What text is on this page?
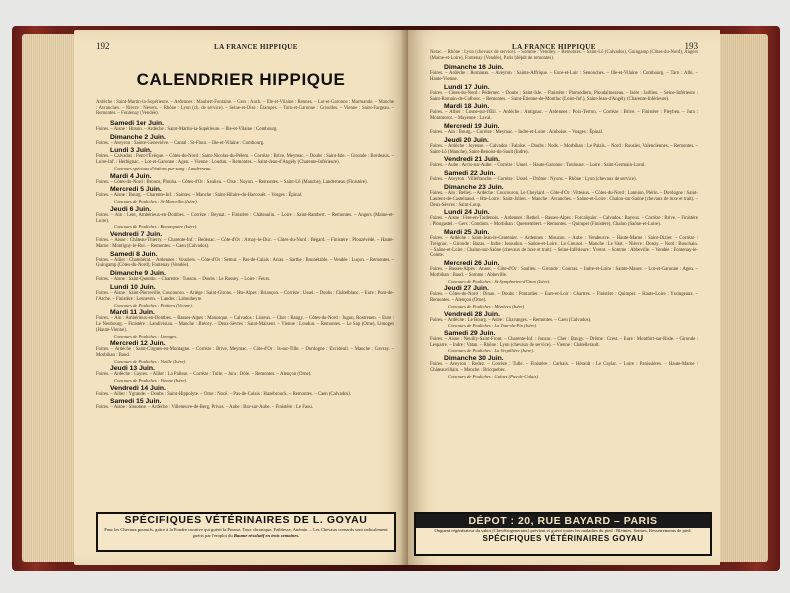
192	LA FRANCE HIPPIQUE
CALENDRIER HIPPIQUE
Ardèche : Saint-Martin-la-Sopérieure. – Ardennes : Maubert-Fontaine. – Gers : Auch. – Ille-et-Vilaine : Rennes. – Lot-et-Garonne : Marmande. – Manche : Avranches. – Nièvre : Nevers. – Rhône : Lyon (ch. de service). – Seine-et-Oise : Étampes. – Tarn-et-Garonne : Grisolles. – Vienne : Saint-Fargeau. – Remontes. – Fontenay (Vendée).
Samedi 1er Juin.
Foires. – Aisne : Hirson. – Ardèche : Saint-Martin-la-Supérieure. – Ille-et-Vilaine : Combourg.
Dimanche 2 Juin.
Foires. – Aveyron : Sainte-Geneviève. – Cantal : St-Flour. – Ille-et-Vilaine : Combourg.
Lundi 3 Juin.
Foires. – Calvados : Pont-l'Évêque. – Côtes-du-Nord : Saint-Nicolas-du-Pélem. – Corrèze : Brive, Meymac. – Doubs : Saint-Isle. – Gironde : Bordeaux. – Loire-Inf. : Herbignac. – Lot-et-Garonne : Agen. – Vienne : Loudun. – Remontes. – Saint-Jean-d'Angély (Charente-Inférieure).
Concours spéciaux d'étalons pur-sang : Landerneau.
Mardi 4 Juin.
Foires. – Côtes-du-Nord : Broons, Plouha. – Côtes-d'Or : Saulieu. – Oise : Noyon. – Remontes. – Saint-Lô (Manche), Landerneau (Finistère).
Mercredi 5 Juin.
Foires. – Aisne : Bourg. – Charente-Inf. : Saintes. – Manche : Saint-Hilaire-du-Harcouët. – Vosges : Épinal.
Concours de Pouliches : St-Marcellin (Isère).
Jeudi 6 Juin.
Foires. – Ain : Lent, Ambérieux-en-Dombes. – Corrèze : Beynat. – Finistère : Châteaulin. – Loire : Saint-Rambert. – Remontes. – Angers (Maine-et-Loire).
Concours de Pouliches : Beaurepaire (Isère).
Vendredi 7 Juin.
Foires. – Aisne : Château-Thierry. – Charente-Inf. : Bedenac. – Côte-d'Or : Arnay-le-Duc. – Côtes-du-Nord : Bégard. – Finistère : Plouzévédé. – Haute-Marne : Montigny-le-Roi. – Remontes. – Caen (Calvados).
Samedi 8 Juin.
Foires. – Allier : Chambérat. – Ardennes : Vouziers. – Côte-d'Or : Semur. – Pas-de-Calais : Arras. – Sarthe : Bonnétable. – Vendée : Luçon. – Remontes. – Guingamp (Côtes-du-Nord), Fontenay (Vendée).
Dimanche 9 Juin.
Foires. – Aisne : Saint-Quentin. – Charente : Tusson. – Doubs : Le Russey. – Loire : Feurs.
Lundi 10 Juin.
Foires. – Aisne : Saint-Pierreville, Coucouron. – Ariège : Saint-Girons. – Hte-Alpes : Briançon. – Corrèze : Ussel. – Doubs : Châtelblanc. – Eure : Pont-de-l'Arche. – Finistère : Lesneven. – Landes : Labouheyre.
Concours de Pouliches : Poitiers (Vienne).
Mardi 11 Juin.
Foires. – Ain : Ambérieux-en-Dombes. – Basses-Alpes : Manosque. – Calvados : Lisieux. – Cher : Baugy. – Côtes-du-Nord : Jugon, Rostrenen. – Eure : Le Neubourg. – Finistère : Landivisiau. – Manche : Brécey. – Deux-Sèvres : Saint-Maixent. – Vienne : Loudun. – Remontes. – Le Sap (Orne), Limoges (Haute-Vienne).
Concours de Pouliches : Limoges.
Mercredi 12 Juin.
Foires. – Ardèche : Saint-Cirgues-en-Montagne. – Corrèze : Brive, Meymac. – Côte-d'Or : Is-sur-Tille. – Dordogne : Excideuil. – Manche : Gavray. – Morbihan : Baud.
Concours de Pouliches : Vizille (Isère).
Jeudi 13 Juin.
Foires. – Ardèche : Cayres. – Allier : La Palisse. – Corrèze : Tulle. – Jura : Dôle. – Remontes. – Alençon (Orne).
Concours de Pouliches : Vienne (Isère).
Vendredi 14 Juin.
Foires. – Allier : Ygrande. – Doubs : Saint-Hippolyte. – Orne : Nocé. – Pas-de-Calais : Hazebrouck. – Remontes. – Caen (Calvados).
Samedi 15 Juin.
Foires. – Aisne : Sissonne. – Ardèche : Villeneuve-de-Berg, Privas. – Aube : Bar-sur-Aube. – Finistère : Le Faou.
SPÉCIFIQUES VÉTÉRINAIRES DE L. GOYAU
Pour les Chevaux poussifs, grâce à la Poudre curative qui guérit la Pousse, Toux chronique, Faiblesse, Anémie. – Les Chevaux cornards sont radicalement guéris par l'emploi du Baume résolutif en trois semaines.
LA FRANCE HIPPIQUE	193
Nerac. – Rhône : Lyon (chevaux de service). – Somme : Vendley. – Remontes. – Saint-Lô (Calvados), Guingamp (Côtes-du-Nord), Angers (Maine-et-Loire), Fontenay (Vendée), Paris (dépôt de remontes).
Dimanche 16 Juin.
Foires. – Ardèche : Romanas. – Aveyron : Sainte-Affrique. – Eure-et-Loir : Senonches. – Ille-et-Vilaine : Combourg. – Tarn : Albi. – Haute-Vienne.
Lundi 17 Juin.
Foires. – Côtes-du-Nord : Pédernec. – Doubs : Saint-Isle. – Finistère : Plomodiern, Ploudalmezeau. – Isère : Jaillieu. – Seine-Inférieure : Saint-Romain-de-Colbosc. – Remontes. – Saint-Étienne-de-Montluc (Loire-Inf.), Saint-Jean-d'Angély (Charente-Inférieure).
Mardi 18 Juin.
Foires. – Allier : Cosne-sur-l'Œil. – Ardèche : Antignac. – Ardennes : Poix-Terron. – Corrèze : Brive. – Finistère : Pleyben. – Jura : Montmorot. – Mayenne : Laval.
Mercredi 19 Juin.
Foires. – Ain : Bourg. – Corrèze : Meymac. – Indre-et-Loire : Amboise. – Vosges : Épinal.
Jeudi 20 Juin.
Foires. – Ardèche : Joyeuse. – Calvados : Falaise. – Doubs : Nods. – Morbihan : Le Palais. – Nord : Rousies, Valenciennes. – Remontes. – Saint-Lô (Manche), Saint-Benoist-du-Sault (Indre).
Vendredi 21 Juin.
Foires. – Aube : Arcis-sur-Aube. – Corrèze : Ussel. – Haute-Garonne : Toulouse. – Loire : Saint-Germain-Laval.
Samedi 22 Juin.
Foires. – Aveyron : Villefranche. – Corrèze : Ussel. – Drôme : Nyons. – Rhône : Lyon (chevaux de service).
Dimanche 23 Juin.
Foires. – Ain : Belley. – Ardèche : Coucouron, Le Cheylard. – Côte-d'Or : Vitteaux. – Côtes-du-Nord : Lannion, Plérin. – Dordogne : Saint-Laurent-de-Castelnaud. – Hte-Loire : Saint-Julien. – Manche : Avranches. – Saône-et-Loire : Chalon-sur-Saône (chevaux de luxe et trait). – Deux-Sèvres : Saint-Loup.
Lundi 24 Juin.
Foires. – Aisne : Fère-en-Tardenois. – Ardennes : Rethel. – Basses-Alpes : Forcalquier. – Calvados : Bayeux. – Corrèze : Brive. – Finistère : Plougastel. – Gers : Condom. – Morbihan : Questembert. – Remontes. – Quimper (Finistère), Chalon (Saône-et-Loire).
Mardi 25 Juin.
Foires. – Ardèche : Saint-Jean-le-Centenier. – Ardennes : Mouzon. – Aube : Vendeuvre. – Haute-Marne : Saint-Dizier. – Corrèze : Treignac. – Gironde : Bazas. – Indre : Issoudun. – Saône-et-Loire : Le Creusot. – Manche : Le Vast. – Nièvre : Donzy. – Nord : Bouchain. – Saône-et-Loire : Chalon-sur-Saône (chevaux de luxe et trait). – Seine-Inférieure : Yvetot. – Somme : Abbeville. – Vendée : Fontenay-le-Comte.
Mercredi 26 Juin.
Foires. – Basses-Alpes : Annot. – Côte-d'Or : Saulieu. – Gironde : Coutras. – Indre-et-Loire : Sainte-Maure. – Lot-et-Garonne : Agen. – Morbihan : Baud. – Somme : Abbeville.
Concours de Pouliches : St-Symphorien-d'Ozon (Isère).
Jeudi 27 Juin.
Foires. – Côtes-du-Nord : Dinan. – Doubs : Pontarlier. – Eure-et-Loir : Chartres. – Finistère : Quimper. – Haute-Loire : Yssingeaux. – Remontes. – Alençon (Orne).
Concours de Pouliches : Mézières (Isère).
Vendredi 28 Juin.
Foires. – Ardèche : Le Bourg. – Aube : Chavanges. – Remontes. – Caen (Calvados).
Concours de Pouliches : La Tour-du-Pin (Isère).
Samedi 29 Juin.
Foires. – Aisne : Neuilly-Saint-Front. – Charente-Inf. : Jonzac. – Cher : Baugy. – Drôme : Crest. – Eure : Montfort-sur-Risle. – Gironde : Lesparre. – Indre : Vatan. – Rhône : Lyon (chevaux de service). – Vienne : Châtellerault.
Concours de Pouliches : La Verpillière (Isère).
Dimanche 30 Juin.
Foires. – Aveyron : Rodez. – Corrèze : Tulle. – Finistère : Carhaix. – Hérault : Le Caylar. – Loire : Panissières. – Haute-Marne : Châteauvillain. – Manche : Bricquebec.
Concours de Pouliches : Guînes (Pas-de-Calais).
DÉPOT : 20, RUE BAYARD – PARIS
Onguent régénérateur du sabot (Chevêtrogenerator) prévient et guérit toutes les maladies du pied : Bleimes, Seimes, Resserrements de pied.
SPÉCIFIQUES VÉTÉRINAIRES GOYAU
